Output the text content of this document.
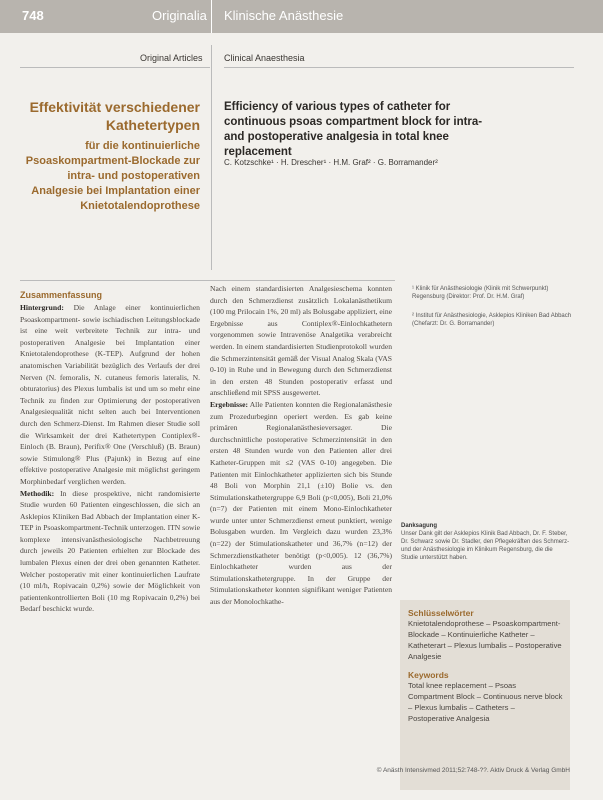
748	Originalia Klinische Anästhesie
Original Articles Clinical Anaesthesia
Effektivität verschiedener Kathetertypen
für die kontinuierliche Psoaskompartment-Blockade zur intra- und postoperativen Analgesie bei Implantation einer Knietotalendoprothese
Efficiency of various types of catheter for continuous psoas compartment block for intra- and postoperative analgesia in total knee replacement
C. Kotzschke¹ · H. Drescher¹ · H.M. Graf² · G. Borramander²
Zusammenfassung

Hintergrund: Die Anlage einer kontinuierlichen Psoaskompartment- sowie ischiadischen Leitungsblockade ist eine weit verbreitete Technik zur intra- und postoperativen Analgesie bei Implantation einer Knietotalendoprothese (K-TEP). Aufgrund der hohen anatomischen Variabilität bezüglich des Verlaufs der drei Nerven (N. femoralis, N. cutaneus femoris lateralis, N. obturatorius) des Plexus lumbalis ist und um so mehr eine Technik zu finden zur Optimierung der postoperativen Analgesiequalität nicht selten auch bei Interventionen durch den Schmerz-Dienst. Im Rahmen dieser Studie soll die Wirksamkeit der drei Kathetertypen Contiplex®-Einloch (B. Braun), Perifix® One (Verschluß) (B. Braun) sowie Stimulong® Plus (Pajunk) in Bezug auf eine effektive postoperative Analgesie mit möglichst geringem Morphinbedarf verglichen werden.

Methodik: In diese prospektive, nicht randomisierte Studie wurden 60 Patienten eingeschlossen, die sich an Asklepios Kliniken Bad Abbach der Implantation einer K-TEP in Psoaskompartment-Technik unterzogen. ITN sowie komplexe intensivanästhesiologische Nachbetreuung durch jeweils 20 Patienten erhielten zur Blockade des lumbalen Plexus einen der drei oben genannten Katheter. Welcher postoperativ mit einer kontinuierlichen Laufrate (10 ml/h, Ropivacain 0,2%) sowie der Möglichkeit von patientenkontrollierten Boli (10 mg Ropivacain 0,2%) bei Bedarf beschickt wurde.

Nach einem standardisierten Analgesieschema konnten durch den Schmerzdienst zusätzlich Lokalanästhetikum (100 mg Prilocain 1%, 20 ml) als Bolusgabe appliziert, eine Ergebnisse aus Contiplex®-Einlochkathetern vorgenommen sowie Intravenöse Analgetika verabreicht werden. In einem standardisierten Studienprotokoll wurden die Schmerzintensität gemäß der Visual Analog Skala (VAS 0-10) in Ruhe und in Bewegung durch den Schmerzdienst in den ersten 48 Stunden postoperativ erfasst und anschließend mit SPSS ausgewertet.

Ergebnisse: Alle Patienten konnten die Regionalanästhesie zum Prozedurbeginn operiert werden. Es gab keine primären Regionalanästhesieversager. Die durchschnittliche postoperative Schmerzintensität in den ersten 48 Stunden wurde von den Patienten aller drei Katheter-Gruppen mit ≤2 (VAS 0-10) angegeben. Die Patienten mit Einlochkatheter applizierten sich bis Stunde 48 Boli von Morphin 21,1 (±10) Bolie vs. den Stimulationskathetergruppe 6,9 Boli (p<0,005), Boli 21,0% (n=7) der Patienten mit einem Mono-Einlochkatheter wurde unter unter Schmerzdienst erneut punktiert, wenige Bolusgaben wurden. Im Vergleich dazu wurden 23,3% (n=22) der Stimulationskatheter und 36,7% (n=12) der Schmerzdienstkatheter benötigt (p<0,005). 12 (36,7%) Einlochkatheter wurden aus der Stimulationskathetergruppe. In der Gruppe der Stimulationskatheter konnten signifikant weniger Patienten aus der Monolochkathe-

¹ Klinik für Anästhesiologie (Klinik mit Schwerpunkt) Regensburg (Direktor: Prof. Dr. H.M. Graf)
² Institut für Anästhesiologie, Asklepios Kliniken Bad Abbach (Chefarzt: Dr. G. Borramander)
Danksagung
Unser Dank gilt der Asklepios Klinik Bad Abbach, Dr. F. Steber, Dr. Schwarz sowie Dr. Stadler, den Pflegekräften des Schmerz- und der Anästhesiologie im Klinikum Regensburg, die die Studie unterstützt haben.
Schlüsselwörter
Knietotalendoprothese – Psoaskompartment-Blockade – Kontinuierliche Katheter – Katheterart – Plexus lumbalis – Postoperative Analgesie
Keywords
Total knee replacement – Psoas Compartment Block – Continuous nerve block – Plexus lumbalis – Catheters – Postoperative Analgesia
© Anästh Intensivmed 2011;52:748-??. Aktiv Druck & Verlag GmbH
